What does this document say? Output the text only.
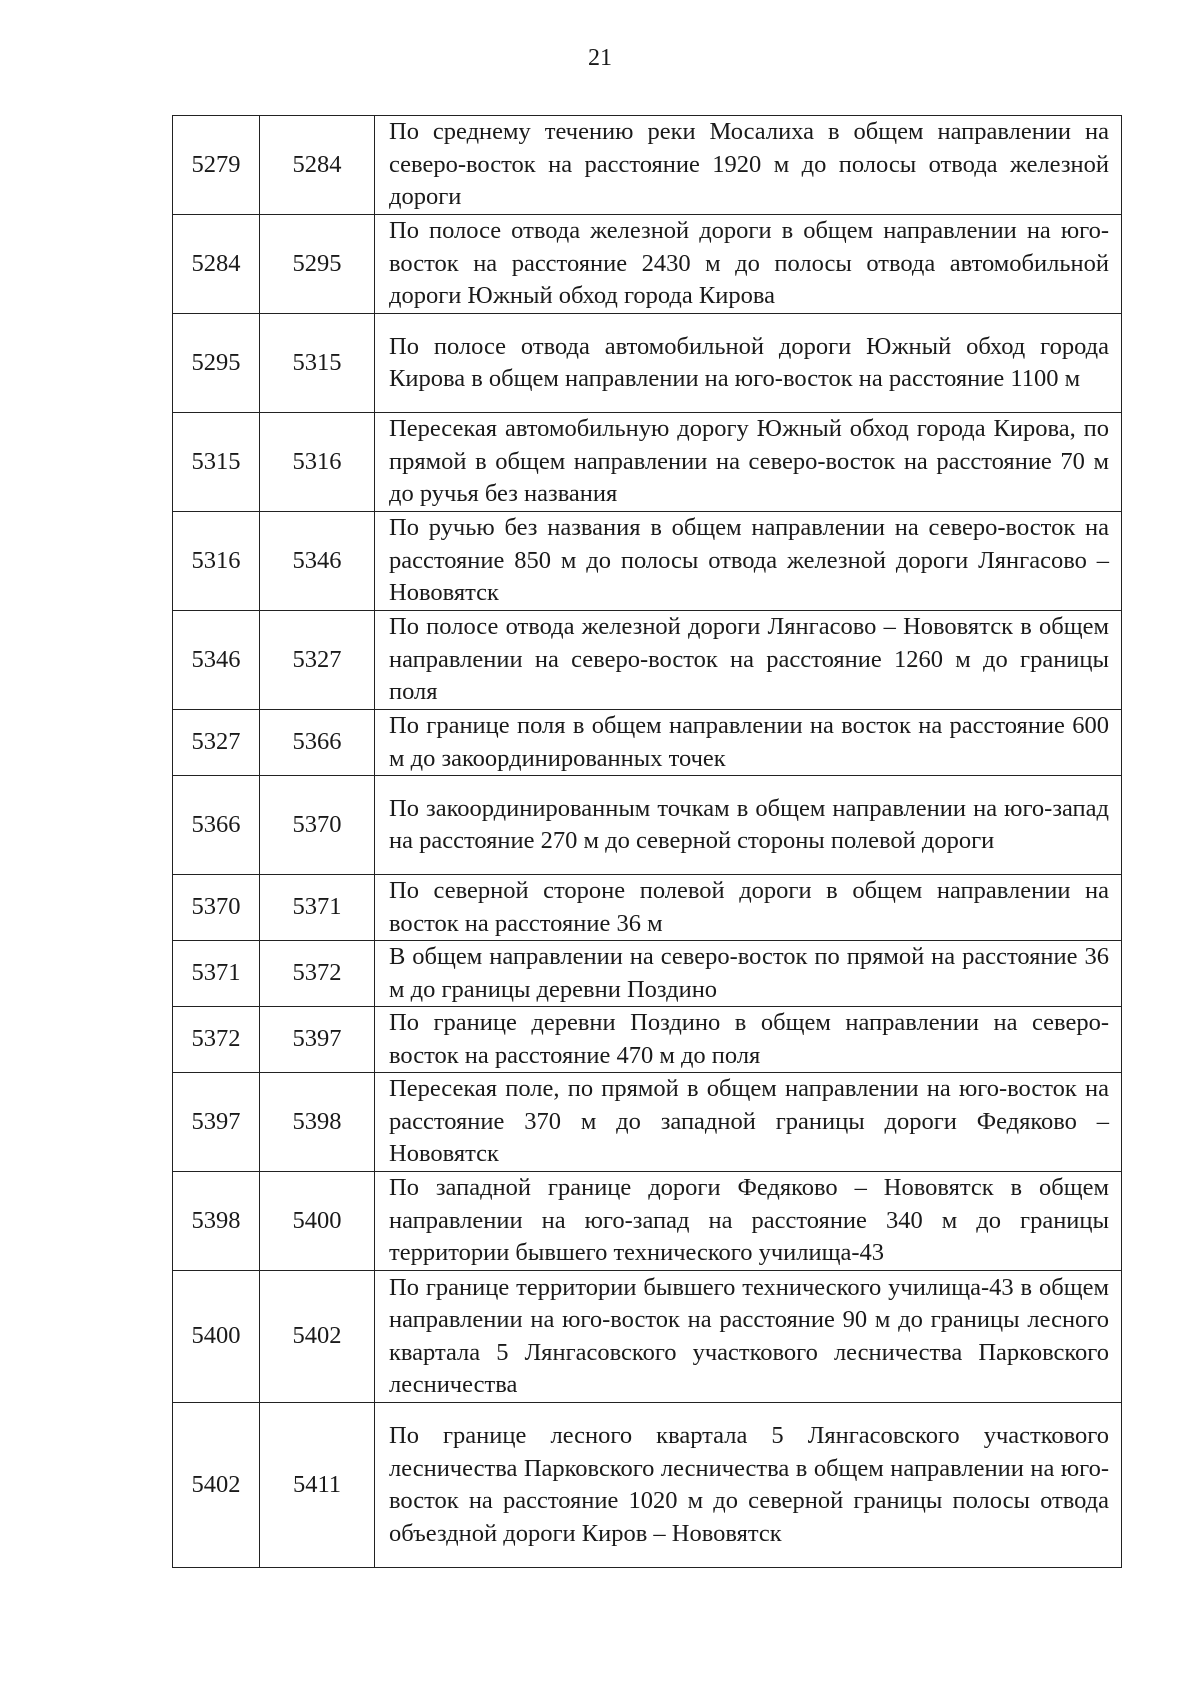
21
5279	5284	По среднему течению реки Мосалиха в общем направлении на северо-восток на расстояние 1920 м до полосы отвода железной дороги

5284	5295	По полосе отвода железной дороги в общем направлении на юго-восток на расстояние 2430 м до полосы отвода автомобильной дороги Южный обход города Кирова

5295	5315	По полосе отвода автомобильной дороги Южный обход города Кирова в общем направлении на юго-восток на расстояние 1100 м

5315	5316	Пересекая автомобильную дорогу Южный обход города Кирова, по прямой в общем направлении на северо-восток на расстояние 70 м до ручья без названия

5316	5346	По ручью без названия в общем направлении на северо-восток на расстояние 850 м до полосы отвода железной дороги Лянгасово –Нововятск

5346	5327	По полосе отвода железной дороги Лянгасово – Нововятск в общем направлении на северо-восток на расстояние 1260 м до границы поля

5327	5366	По границе поля в общем направлении на восток на расстояние 600 м до закоординированных точек

5366	5370	По закоординированным точкам в общем направлении на юго-запад на расстояние 270 м до северной стороны полевой дороги

5370	5371	По северной стороне полевой дороги в общем направлении на восток на расстояние 36 м

5371	5372	В общем направлении на северо-восток по прямой на расстояние 36 м до границы деревни Поздино

5372	5397	По границе деревни Поздино в общем направлении на северо-восток на расстояние 470 м до поля

5397	5398	Пересекая поле, по прямой в общем направлении на юго-восток на расстояние 370 м до западной границы дороги Федяково – Нововятск

5398	5400	По западной границе дороги Федяково – Нововятск в общем направлении на юго-запад на расстояние 340 м до границы территории бывшего технического училища-43

5400	5402	По границе территории бывшего технического училища-43 в общем направлении на юго-восток на расстояние 90 м до границы лесного квартала 5 Лянгасовского участкового лесничества Парковского лесничества

5402	5411	По границе лесного квартала 5 Лянгасовского участкового лесничества Парковского лесничества в общем направлении на юго-восток на расстояние 1020 м до северной границы полосы отвода объездной дороги Киров – Нововятск
